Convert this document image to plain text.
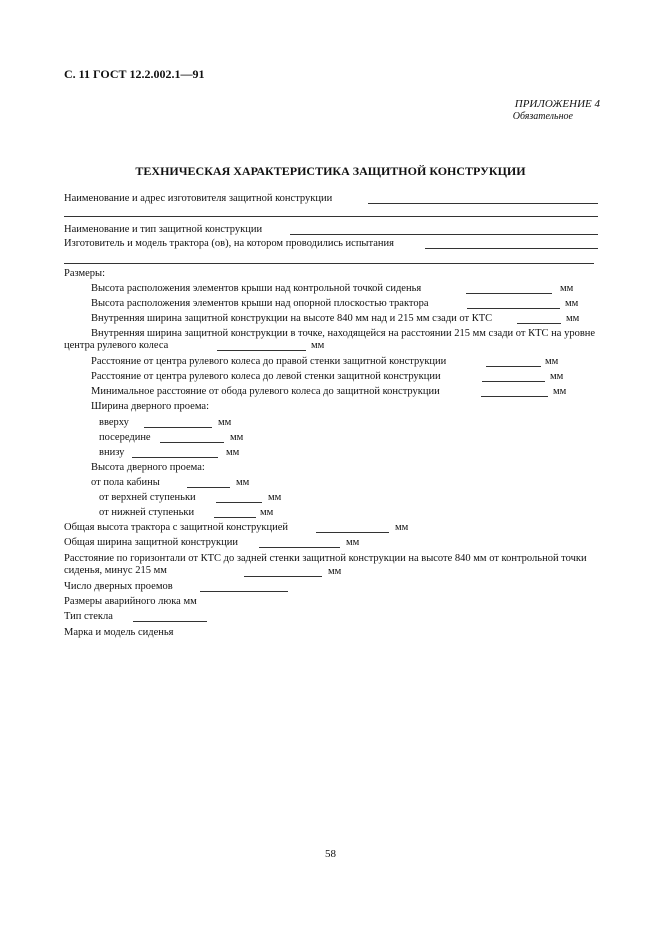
С. 11 ГОСТ 12.2.002.1—91
ПРИЛОЖЕНИЕ 4
Обязательное
ТЕХНИЧЕСКАЯ ХАРАКТЕРИСТИКА ЗАЩИТНОЙ КОНСТРУКЦИИ
Наименование и адрес изготовителя защитной конструкции
Наименование и тип защитной конструкции
Изготовитель и модель трактора (ов), на котором проводились испытания
Размеры:
Высота расположения элементов крыши над контрольной точкой сиденья	мм
Высота расположения элементов крыши над опорной плоскостью трактора	мм
Внутренняя ширина защитной конструкции на высоте 840 мм над и 215 мм сзади от КТС	мм
Внутренняя ширина защитной конструкции в точке, находящейся на расстоянии 215 мм сзади от КТС на уровне центра рулевого колеса	мм
Расстояние от центра рулевого колеса до правой стенки защитной конструкции	мм
Расстояние от центра рулевого колеса до левой стенки защитной конструкции	мм
Минимальное расстояние от обода рулевого колеса до защитной конструкции	мм
Ширина дверного проема:
вверху	мм
посередине	мм
внизу	мм
Высота дверного проема:
от пола кабины	мм
от верхней ступеньки	мм
от нижней ступеньки	мм
Общая высота трактора с защитной конструкцией	мм
Общая ширина защитной конструкции	мм
Расстояние по горизонтали от КТС до задней стенки защитной конструкции на высоте 840 мм от контрольной точки сиденья, минус 215 мм	мм
Число дверных проемов
Размеры аварийного люка мм
Тип стекла
Марка и модель сиденья
58
